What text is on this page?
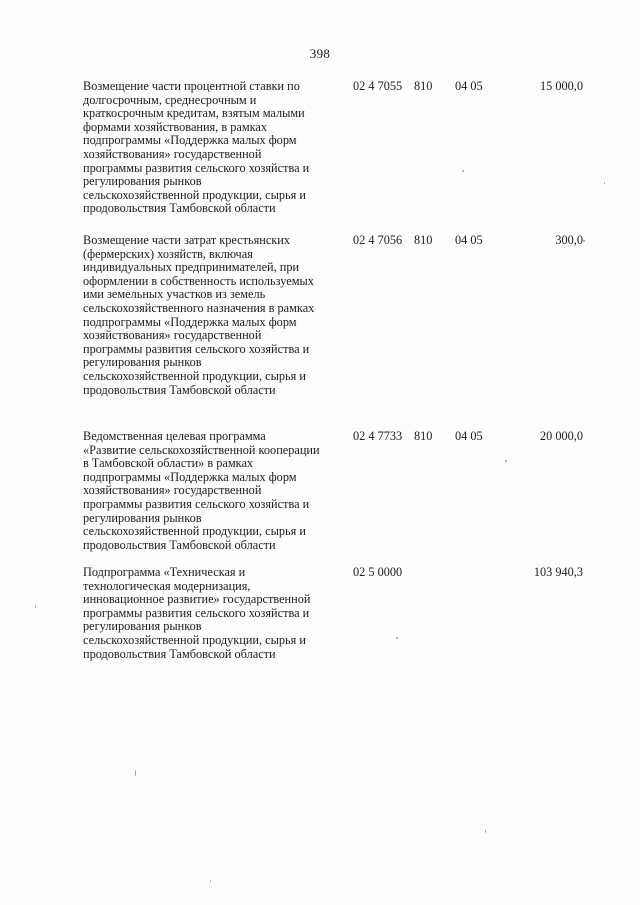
398
Возмещение части процентной ставки по
долгосрочным, среднесрочным и
краткосрочным кредитам, взятым малыми
формами хозяйствования, в рамках
подпрограммы «Поддержка малых форм
хозяйствования» государственной
программы развития сельского хозяйства и
регулирования рынков
сельскохозяйственной продукции, сырья и
продовольствия Тамбовской области
02 4 7055 810 04 05	15 000,0
Возмещение части затрат крестьянских
(фермерских) хозяйств, включая
индивидуальных предпринимателей, при
оформлении в собственность используемых
ими земельных участков из земель
сельскохозяйственного назначения в рамках
подпрограммы «Поддержка малых форм
хозяйствования» государственной
программы развития сельского хозяйства и
регулирования рынков
сельскохозяйственной продукции, сырья и
продовольствия Тамбовской области
02 4 7056 810 04 05	300,0
Ведомственная целевая программа
«Развитие сельскохозяйственной кооперации
в Тамбовской области» в рамках
подпрограммы «Поддержка малых форм
хозяйствования» государственной
программы развития сельского хозяйства и
регулирования рынков
сельскохозяйственной продукции, сырья и
продовольствия Тамбовской области
02 4 7733 810 04 05	20 000,0
Подпрограмма «Техническая и
технологическая модернизация,
инновационное развитие» государственной
программы развития сельского хозяйства и
регулирования рынков
сельскохозяйственной продукции, сырья и
продовольствия Тамбовской области
02 5 0000	103 940,3
